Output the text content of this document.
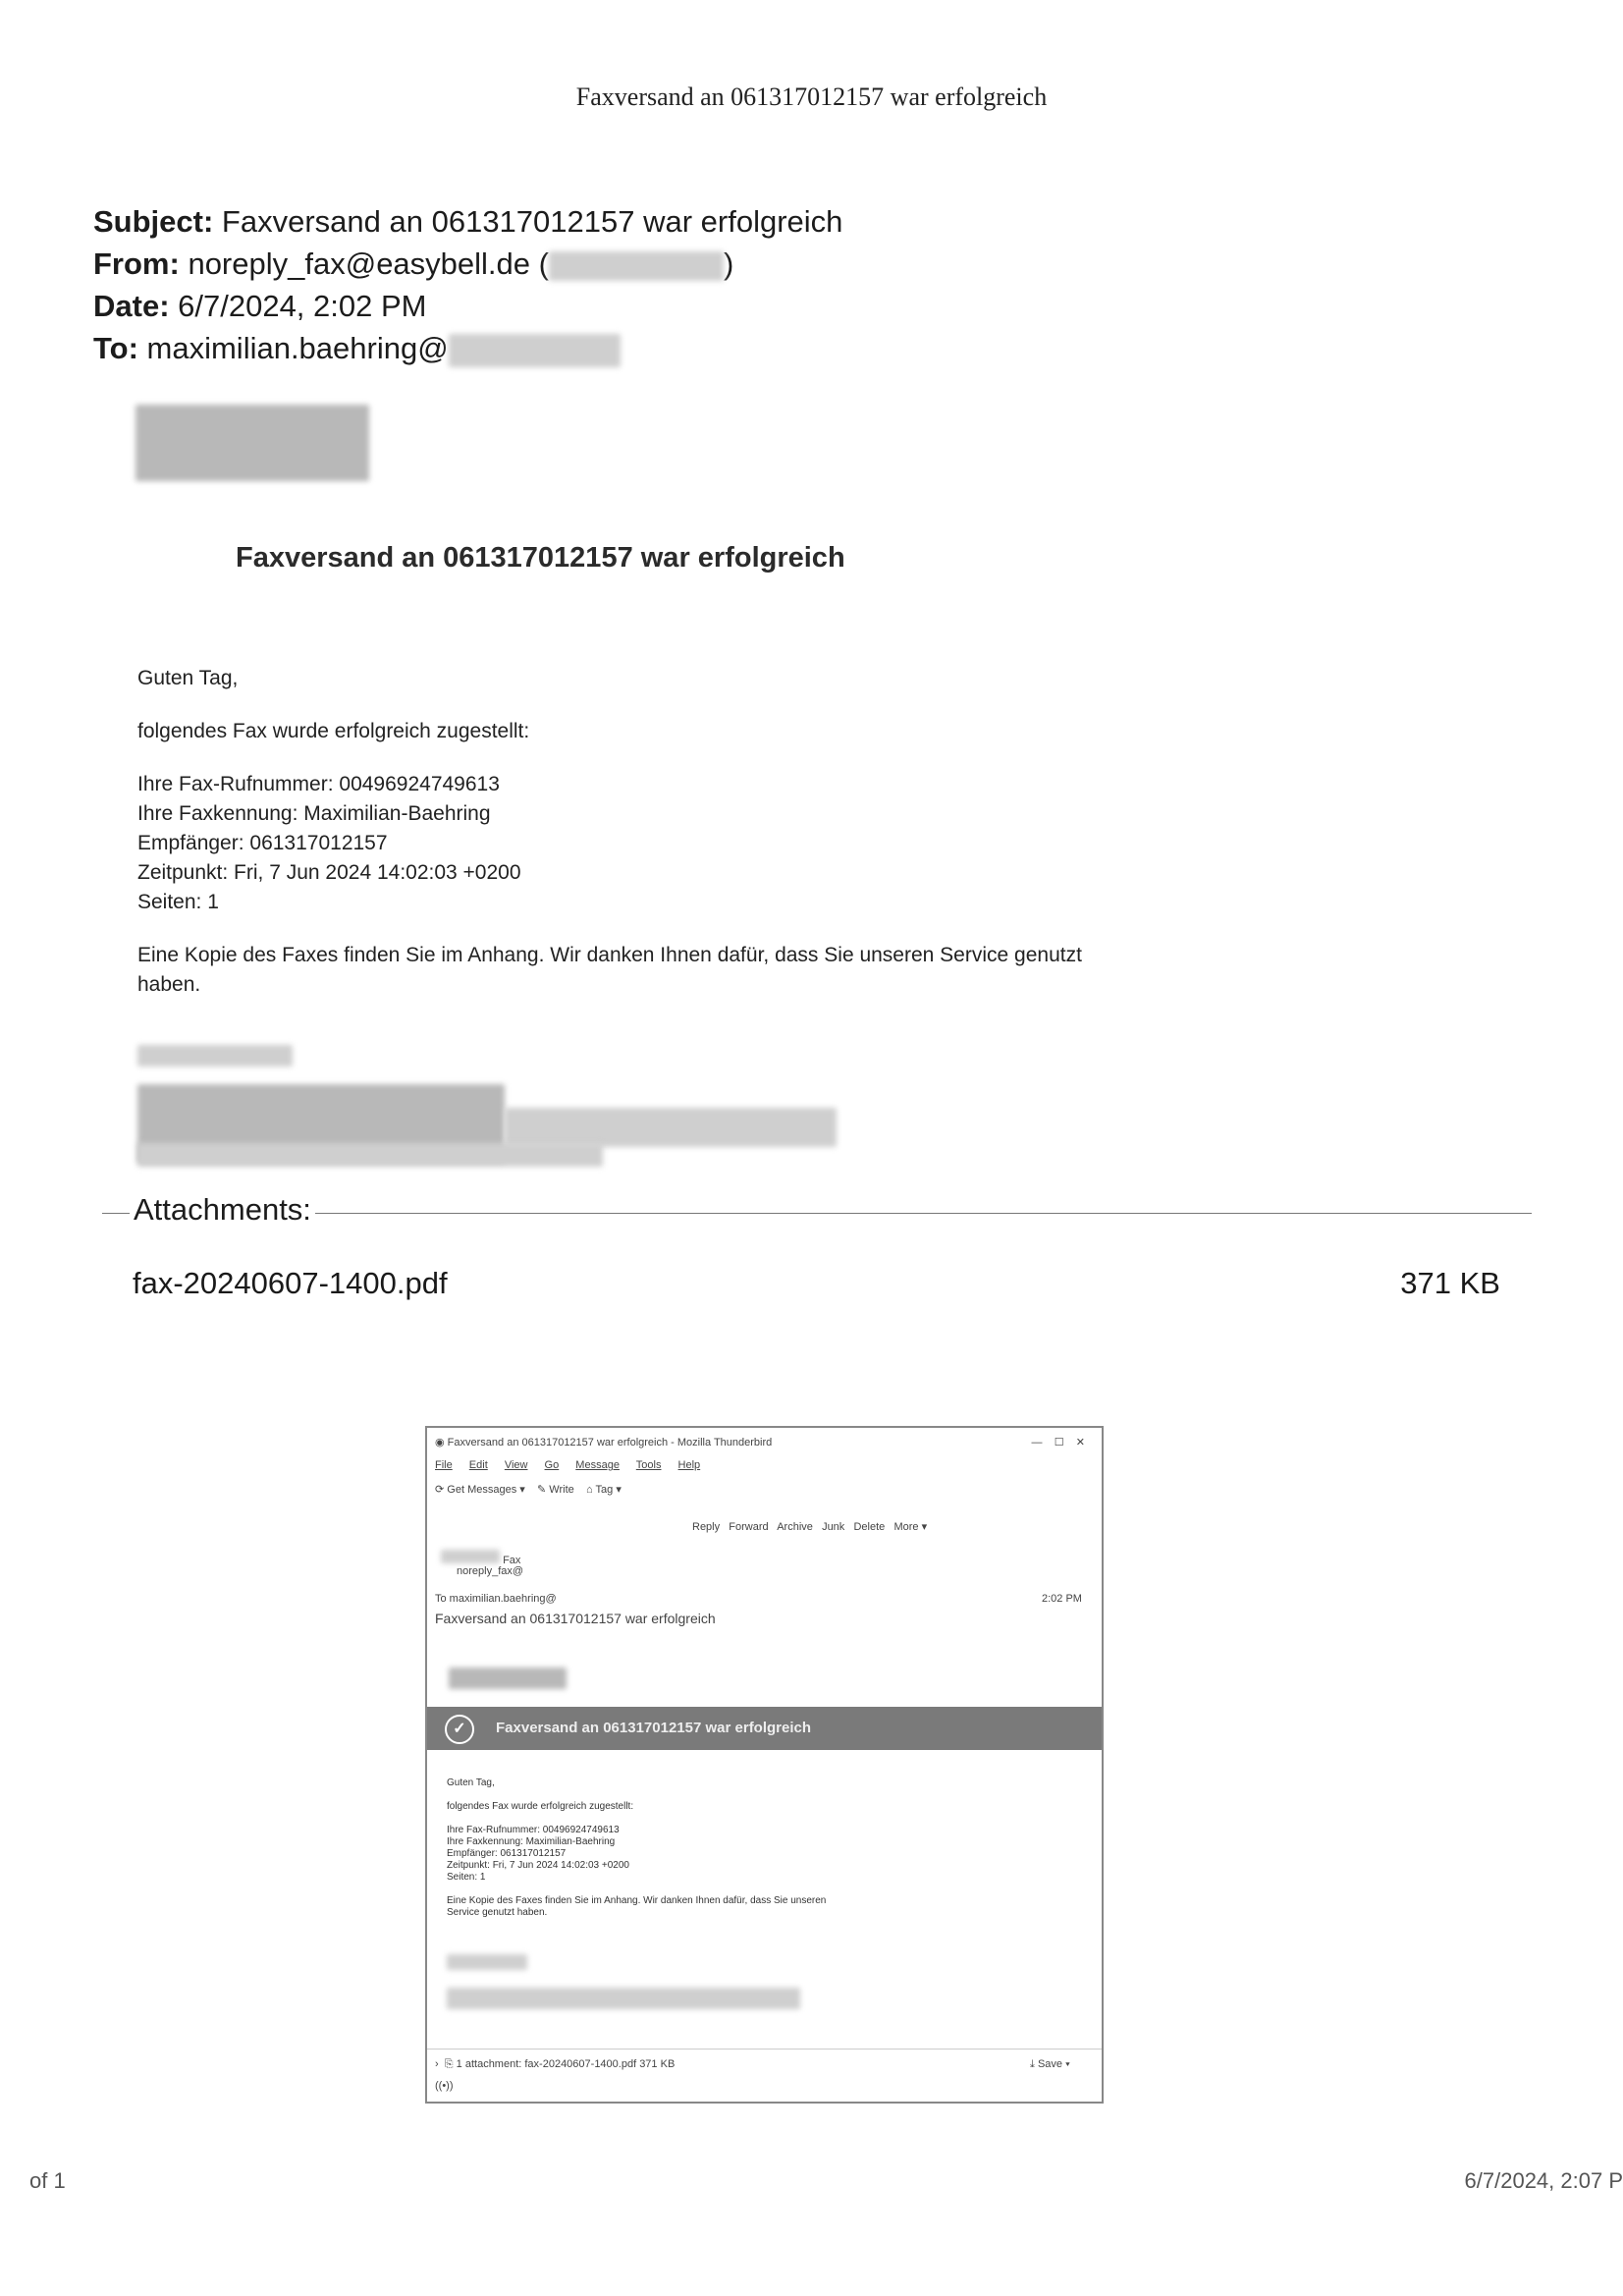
Faxversand an 061317012157 war erfolgreich
Subject: Faxversand an 061317012157 war erfolgreich
From: noreply_fax@easybell.de (	)
Date: 6/7/2024, 2:02 PM
To: maximilian.baehring@
Faxversand an 061317012157 war erfolgreich
Guten Tag,
folgendes Fax wurde erfolgreich zugestellt:
Ihre Fax-Rufnummer: 00496924749613
Ihre Faxkennung: Maximilian-Baehring
Empfänger: 061317012157
Zeitpunkt: Fri, 7 Jun 2024 14:02:03 +0200
Seiten: 1
Eine Kopie des Faxes finden Sie im Anhang. Wir danken Ihnen dafür, dass Sie unseren Service genutzt
haben.
Attachments:
fax-20240607-1400.pdf	371 KB
◉ Faxversand an 061317012157 war erfolgreich - Mozilla Thunderbird	—    ☐    ✕
File Edit View Go Message Tools Help
⟳ Get Messages ▾ ✎ Write ⌂ Tag ▾
Reply Forward Archive Junk Delete More ▾
Fax
noreply_fax@
To maximilian.baehring@	2:02 PM
Faxversand an 061317012157 war erfolgreich
✓	Faxversand an 061317012157 war erfolgreich
Guten Tag,
folgendes Fax wurde erfolgreich zugestellt:
Ihre Fax-Rufnummer: 00496924749613
Ihre Faxkennung: Maximilian-Baehring
Empfänger: 061317012157
Zeitpunkt: Fri, 7 Jun 2024 14:02:03 +0200
Seiten: 1
Eine Kopie des Faxes finden Sie im Anhang. Wir danken Ihnen dafür, dass Sie unseren
Service genutzt haben.
› ⎘ 1 attachment: fax-20240607-1400.pdf 371 KB	⤓ Save ▾
((•))
of 1	6/7/2024, 2:07 P
